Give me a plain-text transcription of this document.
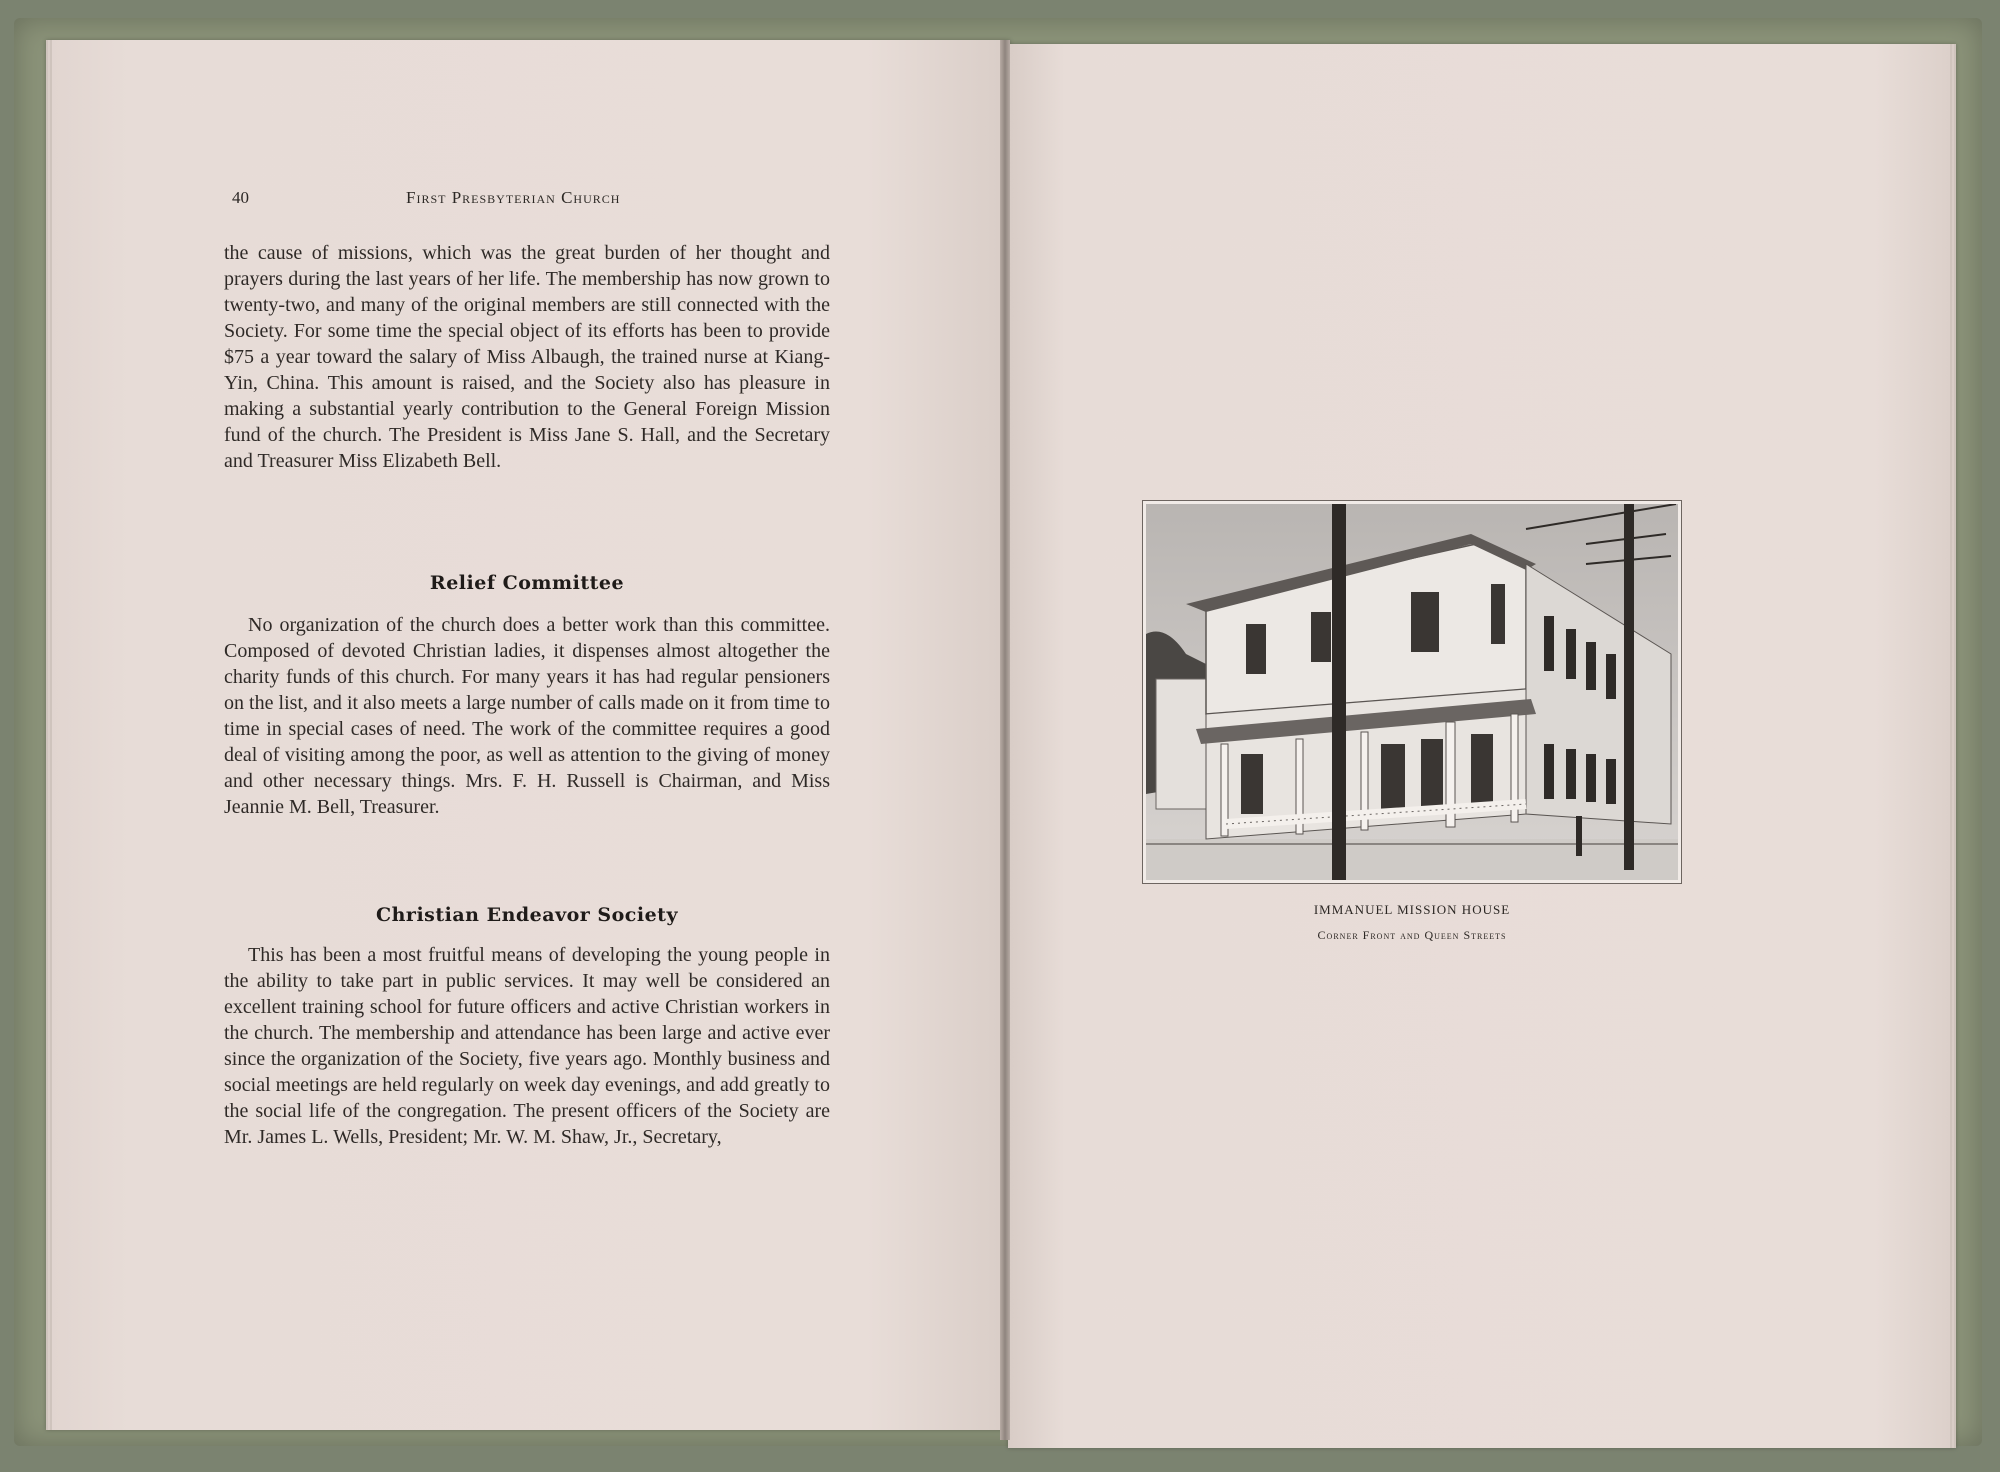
40	First Presbyterian Church

the cause of missions, which was the great burden of her thought and prayers during the last years of her life. The membership has now grown to twenty-two, and many of the original members are still connected with the Society. For some time the special object of its efforts has been to provide $75 a year toward the salary of Miss Albaugh, the trained nurse at Kiang-Yin, China. This amount is raised, and the Society also has pleasure in making a substantial yearly contribution to the General Foreign Mission fund of the church. The President is Miss Jane S. Hall, and the Secretary and Treasurer Miss Elizabeth Bell.

Relief Committee

No organization of the church does a better work than this committee. Composed of devoted Christian ladies, it dispenses almost altogether the charity funds of this church. For many years it has had regular pensioners on the list, and it also meets a large number of calls made on it from time to time in special cases of need. The work of the committee requires a good deal of visiting among the poor, as well as attention to the giving of money and other necessary things. Mrs. F. H. Russell is Chairman, and Miss Jeannie M. Bell, Treasurer.

Christian Endeavor Society

This has been a most fruitful means of developing the young people in the ability to take part in public services. It may well be considered an excellent training school for future officers and active Christian workers in the church. The membership and attendance has been large and active ever since the organization of the Society, five years ago. Monthly business and social meetings are held regularly on week day evenings, and add greatly to the social life of the congregation. The present officers of the Society are Mr. James L. Wells, President; Mr. W. M. Shaw, Jr., Secretary,

IMMANUEL MISSION HOUSE
Corner Front and Queen Streets
